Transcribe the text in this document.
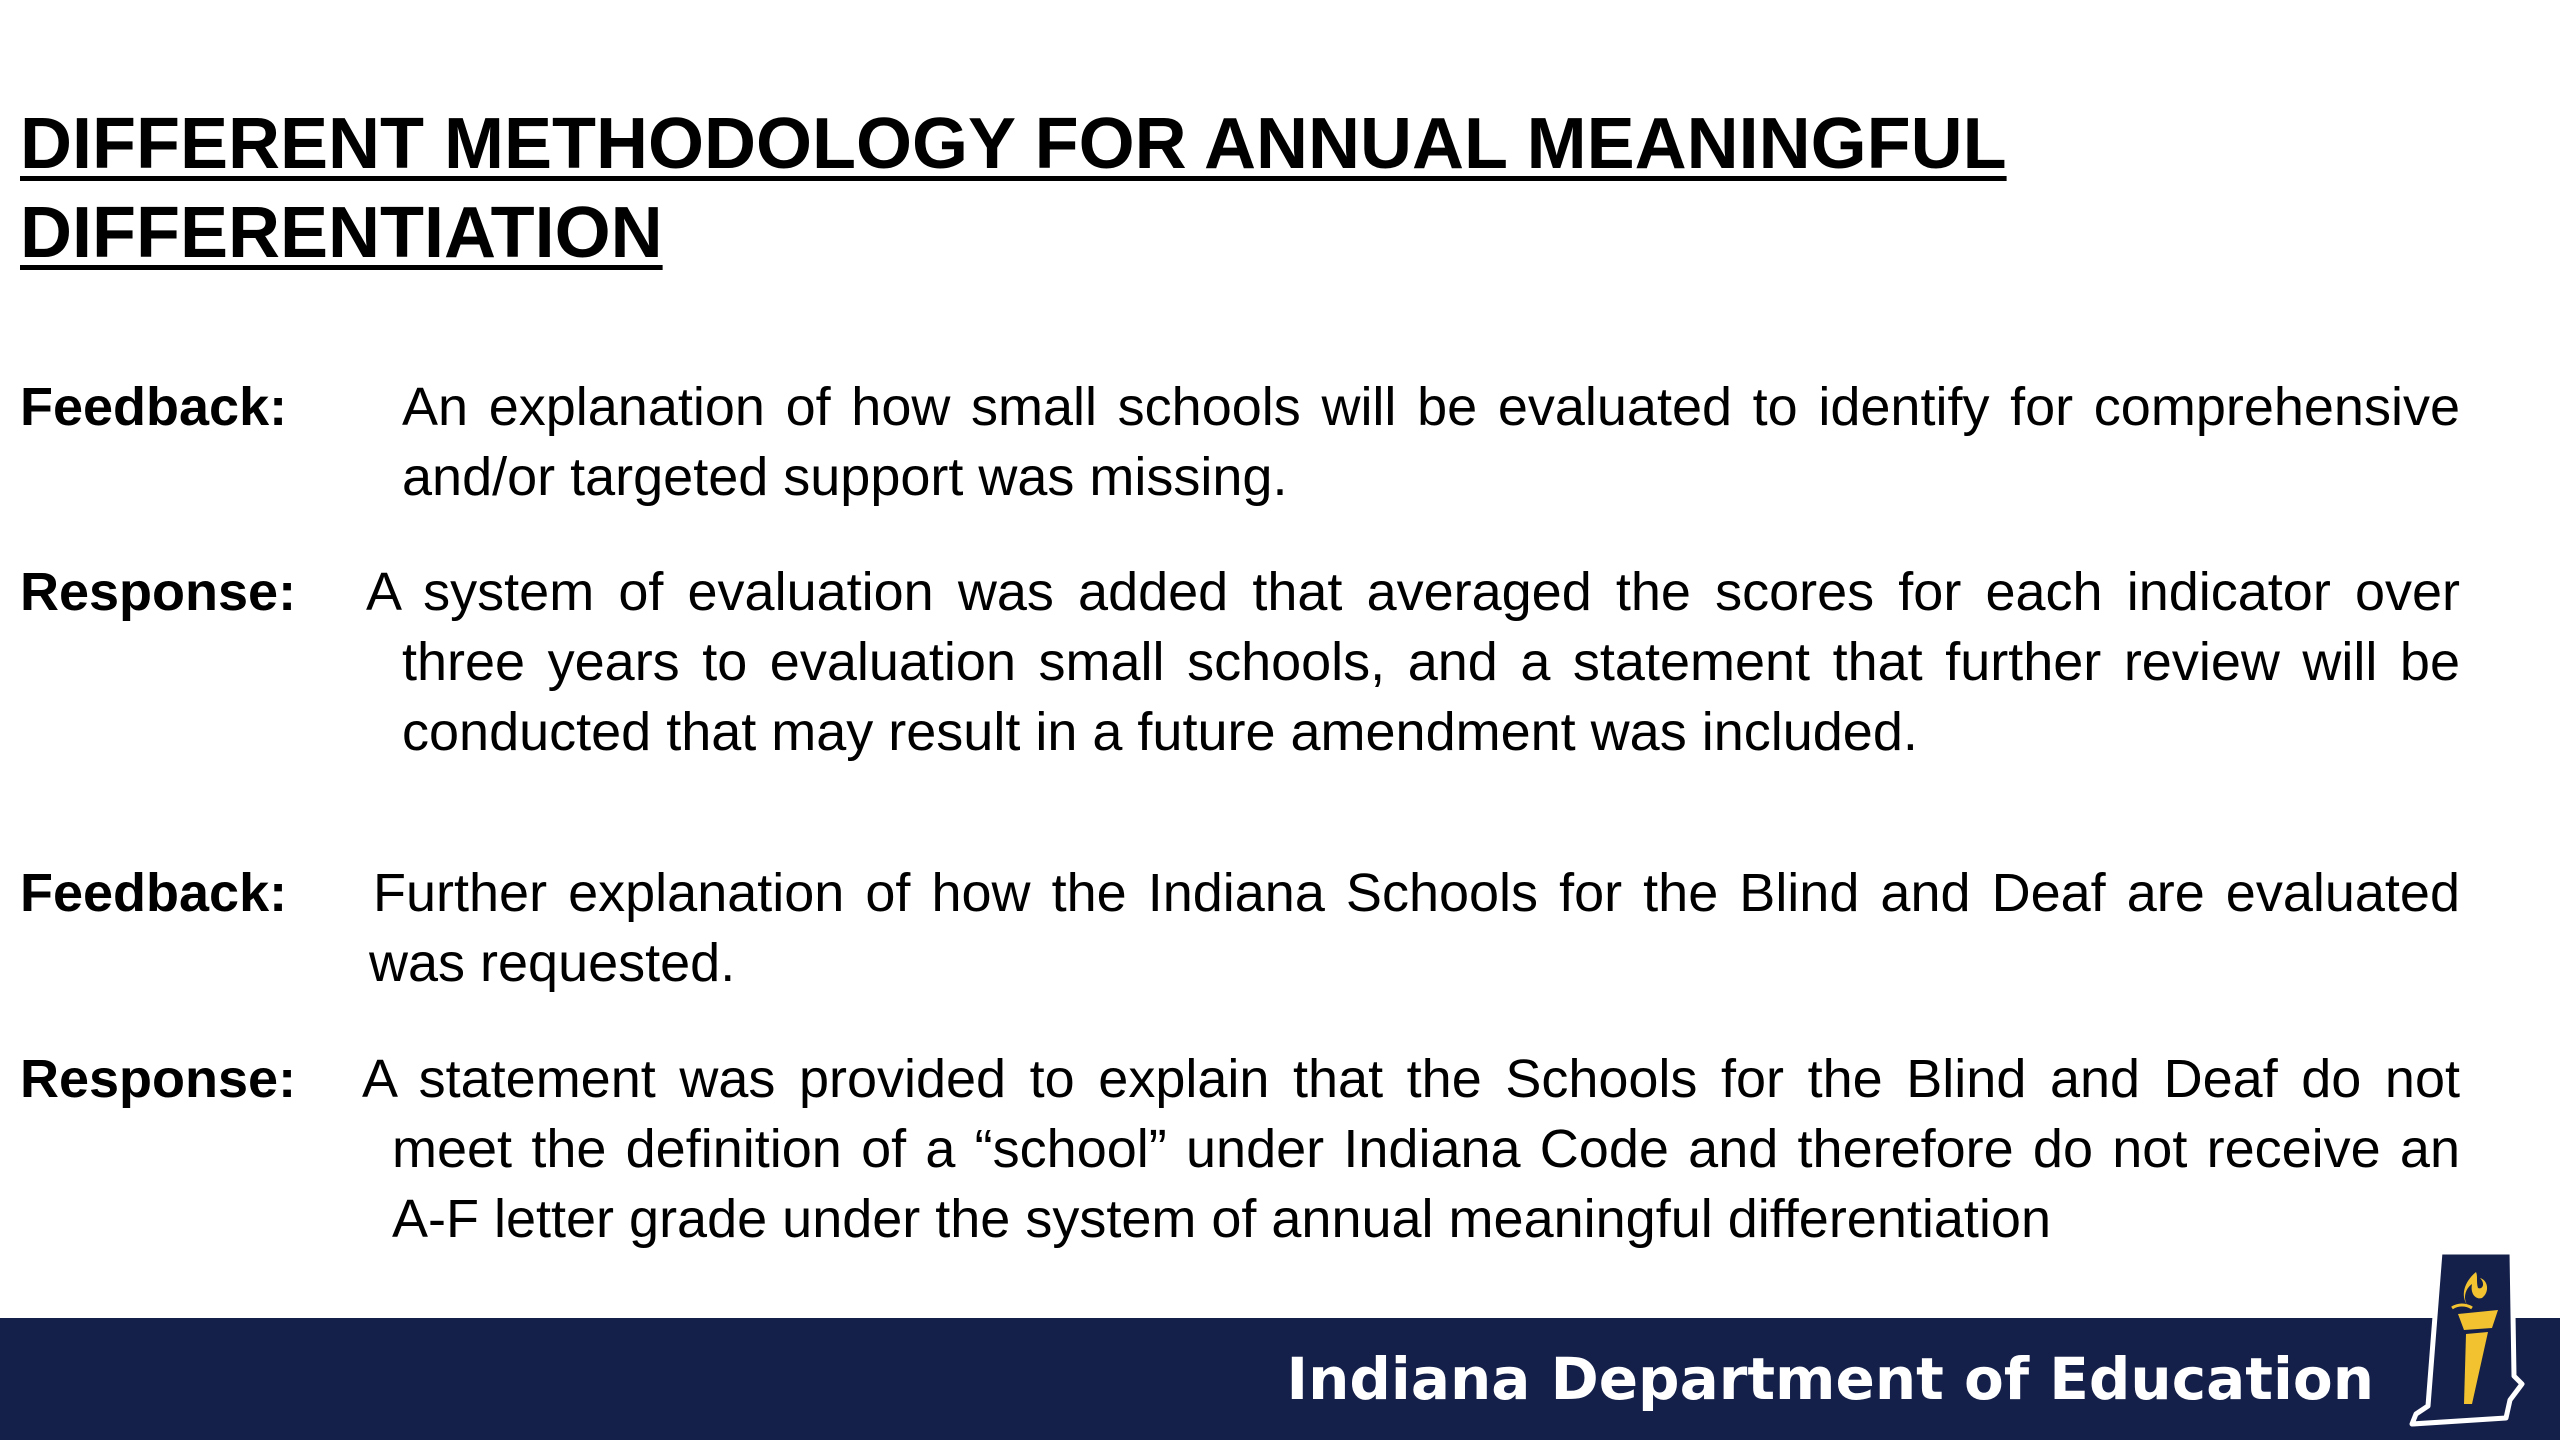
DIFFERENT METHODOLOGY FOR ANNUAL MEANINGFUL DIFFERENTIATION
Feedback:	An explanation of how small schools will be evaluated to identify for comprehensive and/or targeted support was missing.
Response:	A system of evaluation was added that averaged the scores for each indicator over three years to evaluation small schools, and a statement that further review will be conducted that may result in a future amendment was included.
Feedback:	Further explanation of how the Indiana Schools for the Blind and Deaf are evaluated was requested.
Response:	A statement was provided to explain that the Schools for the Blind and Deaf do not meet the definition of a “school” under Indiana Code and therefore do not receive an A-F letter grade under the system of annual meaningful differentiation
Indiana Department of Education
